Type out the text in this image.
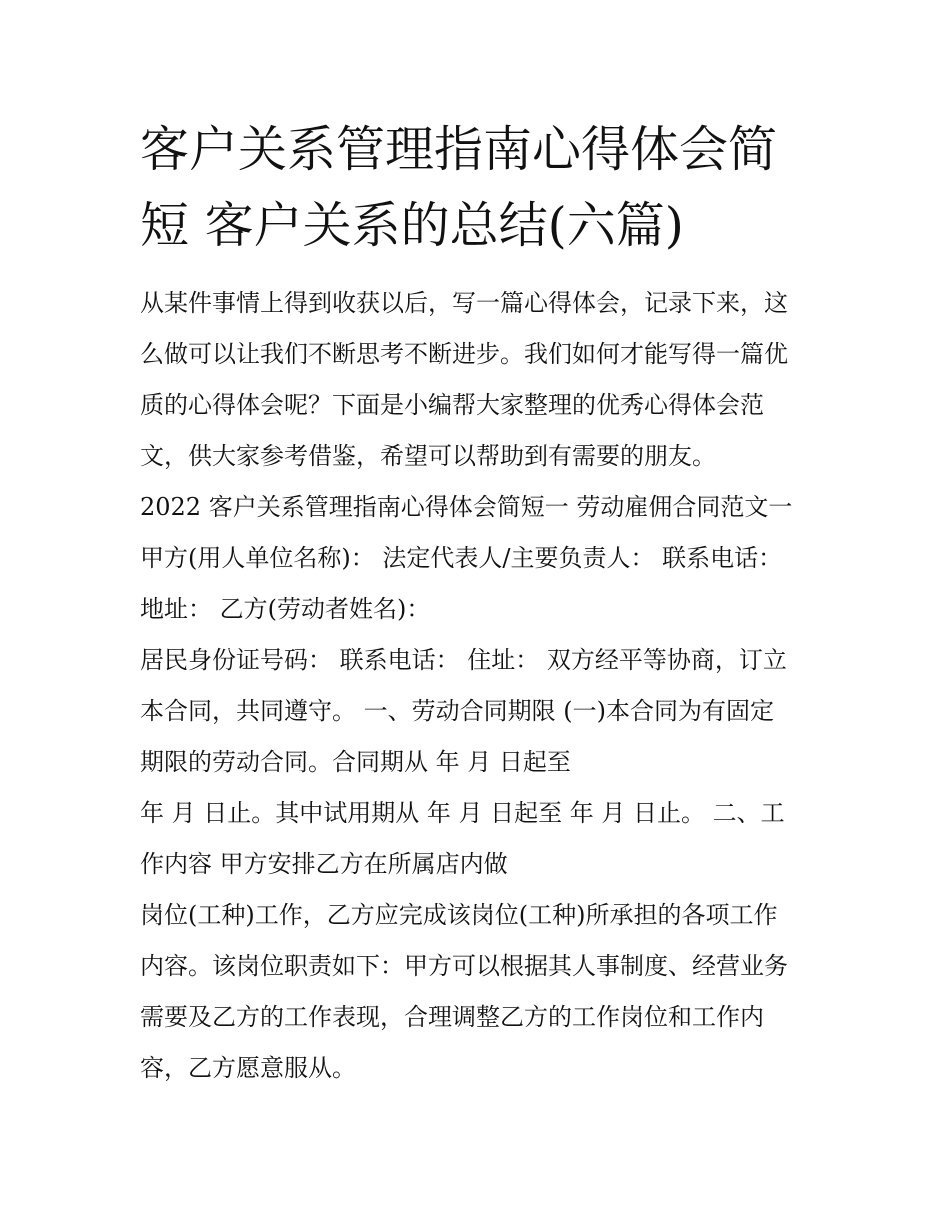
客户关系管理指南心得体会简
短 客户关系的总结(六篇)
从某件事情上得到收获以后，写一篇心得体会，记录下来，这
么做可以让我们不断思考不断进步。我们如何才能写得一篇优
质的心得体会呢？下面是小编帮大家整理的优秀心得体会范
文，供大家参考借鉴，希望可以帮助到有需要的朋友。
2022 客户关系管理指南心得体会简短一 劳动雇佣合同范文一
甲方(用人单位名称)： 法定代表人/主要负责人： 联系电话：
地址： 乙方(劳动者姓名)：
居民身份证号码： 联系电话： 住址： 双方经平等协商，订立
本合同，共同遵守。 一、劳动合同期限 (一)本合同为有固定
期限的劳动合同。合同期从 年 月 日起至
年 月 日止。其中试用期从 年 月 日起至 年 月 日止。 二、工
作内容 甲方安排乙方在所属店内做
岗位(工种)工作，乙方应完成该岗位(工种)所承担的各项工作
内容。该岗位职责如下：甲方可以根据其人事制度、经营业务
需要及乙方的工作表现，合理调整乙方的工作岗位和工作内
容，乙方愿意服从。
